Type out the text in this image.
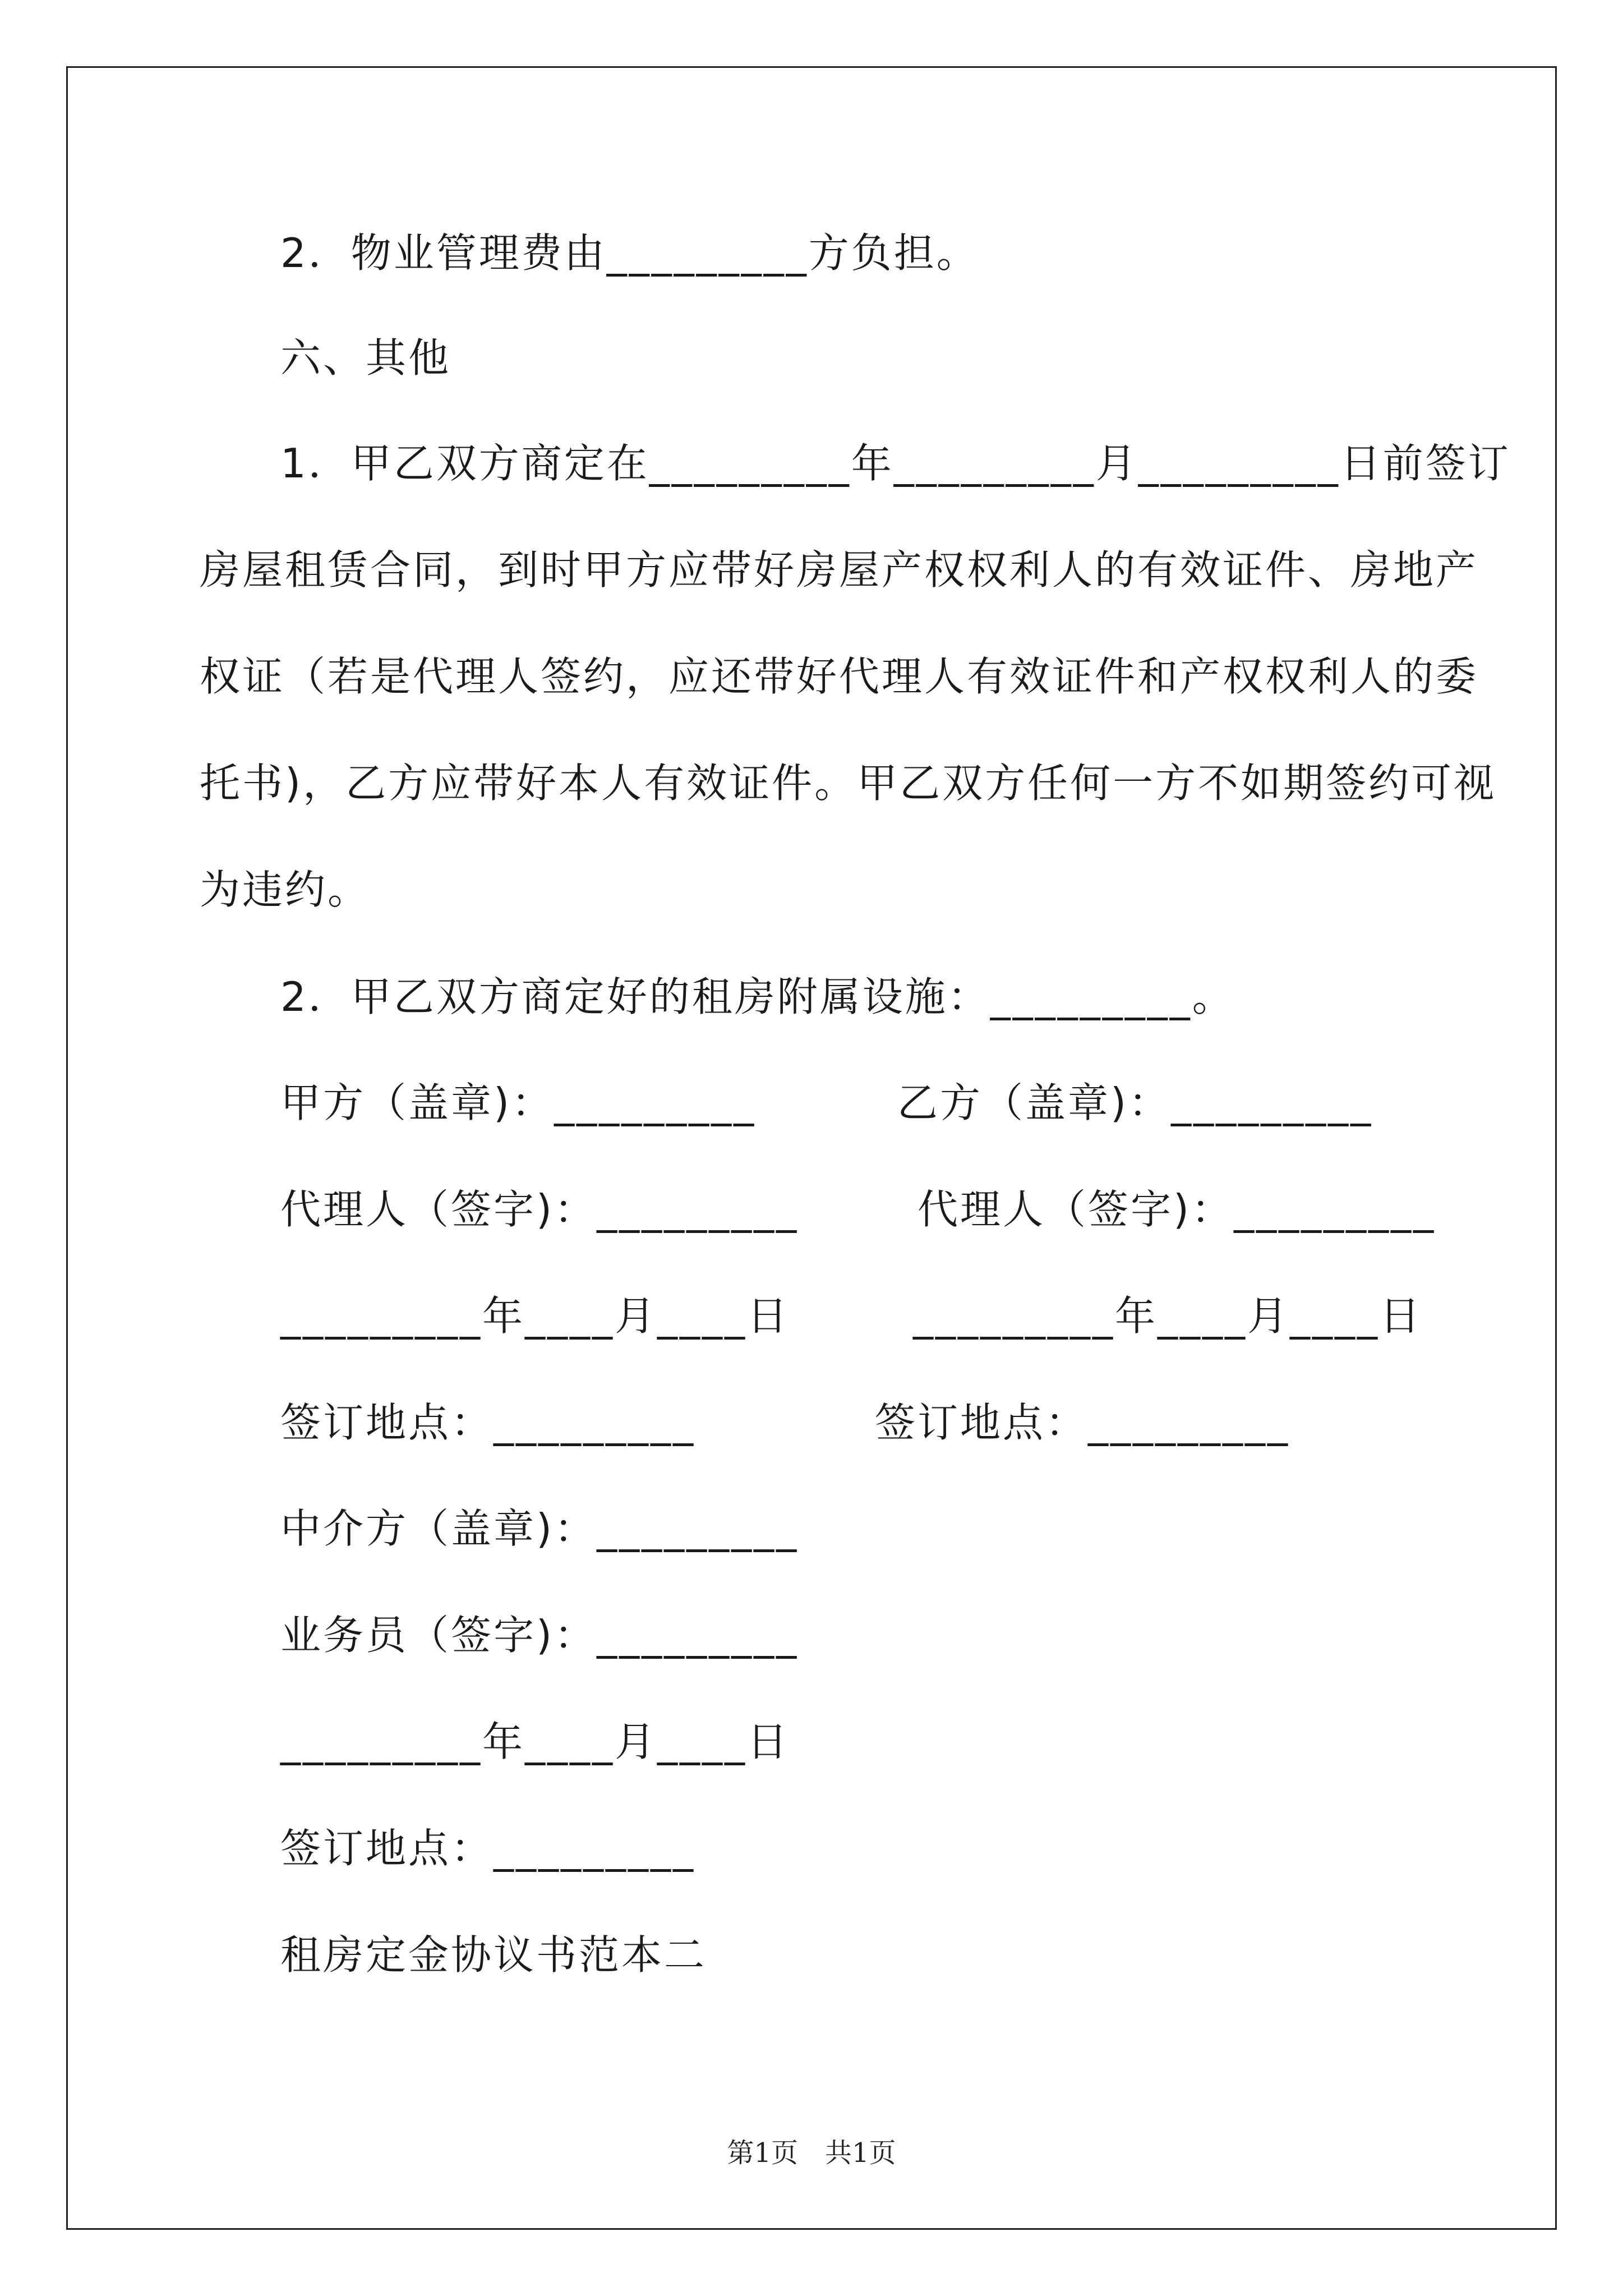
2．物业管理费由_________方负担。
六、其他
1．甲乙双方商定在_________年_________月_________日前签订
房屋租赁合同，到时甲方应带好房屋产权权利人的有效证件、房地产
权证（若是代理人签约，应还带好代理人有效证件和产权权利人的委
托书)，乙方应带好本人有效证件。甲乙双方任何一方不如期签约可视
为违约。
2．甲乙双方商定好的租房附属设施：_________。
甲方（盖章)：_________	乙方（盖章)：_________
代理人（签字)：_________	代理人（签字)：_________
_________年____月____日	_________年____月____日
签订地点：_________	签订地点：_________
中介方（盖章)：_________
业务员（签字)：_________
_________年____月____日
签订地点：_________
租房定金协议书范本二
第1页　共1页
